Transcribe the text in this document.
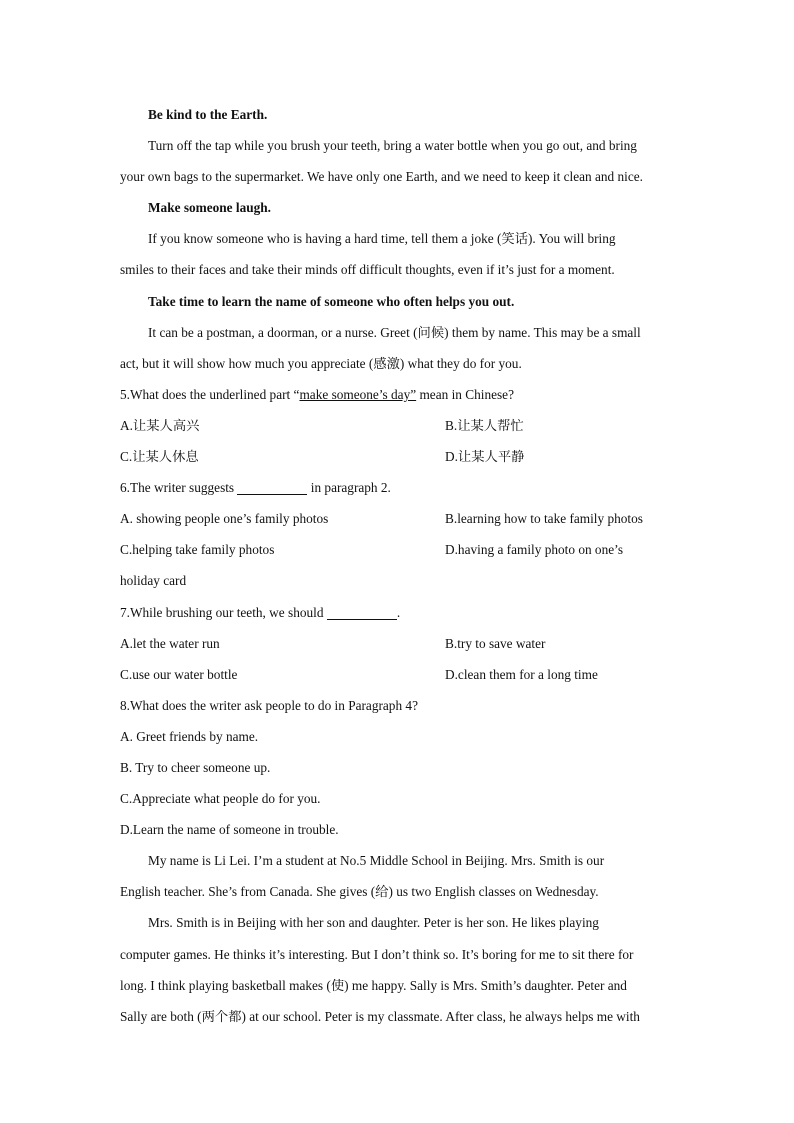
Be kind to the Earth.
Turn off the tap while you brush your teeth, bring a water bottle when you go out, and bring
your own bags to the supermarket. We have only one Earth, and we need to keep it clean and nice.
Make someone laugh.
If you know someone who is having a hard time, tell them a joke (笑话). You will bring
smiles to their faces and take their minds off difficult thoughts, even if it’s just for a moment.
Take time to learn the name of someone who often helps you out.
It can be a postman, a doorman, or a nurse. Greet (问候) them by name. This may be a small
act, but it will show how much you appreciate (感激) what they do for you.
5.What does the underlined part “make someone’s day” mean in Chinese?
A.让某人高兴	B.让某人帮忙
C.让某人休息	D.让某人平静
6.The writer suggests	in paragraph 2.
A. showing people one’s family photos	B.learning how to take family photos
C.helping take family photos	D.having a family photo on one’s
holiday card
7.While brushing our teeth, we should	.
A.let the water run	B.try to save water
C.use our water bottle	D.clean them for a long time
8.What does the writer ask people to do in Paragraph 4?
A. Greet friends by name.
B. Try to cheer someone up.
C.Appreciate what people do for you.
D.Learn the name of someone in trouble.
My name is Li Lei. I’m a student at No.5 Middle School in Beijing. Mrs. Smith is our
English teacher. She’s from Canada. She gives (给) us two English classes on Wednesday.
Mrs. Smith is in Beijing with her son and daughter. Peter is her son. He likes playing
computer games. He thinks it’s interesting. But I don’t think so. It’s boring for me to sit there for
long. I think playing basketball makes (使) me happy. Sally is Mrs. Smith’s daughter. Peter and
Sally are both (两个都) at our school. Peter is my classmate. After class, he always helps me with
